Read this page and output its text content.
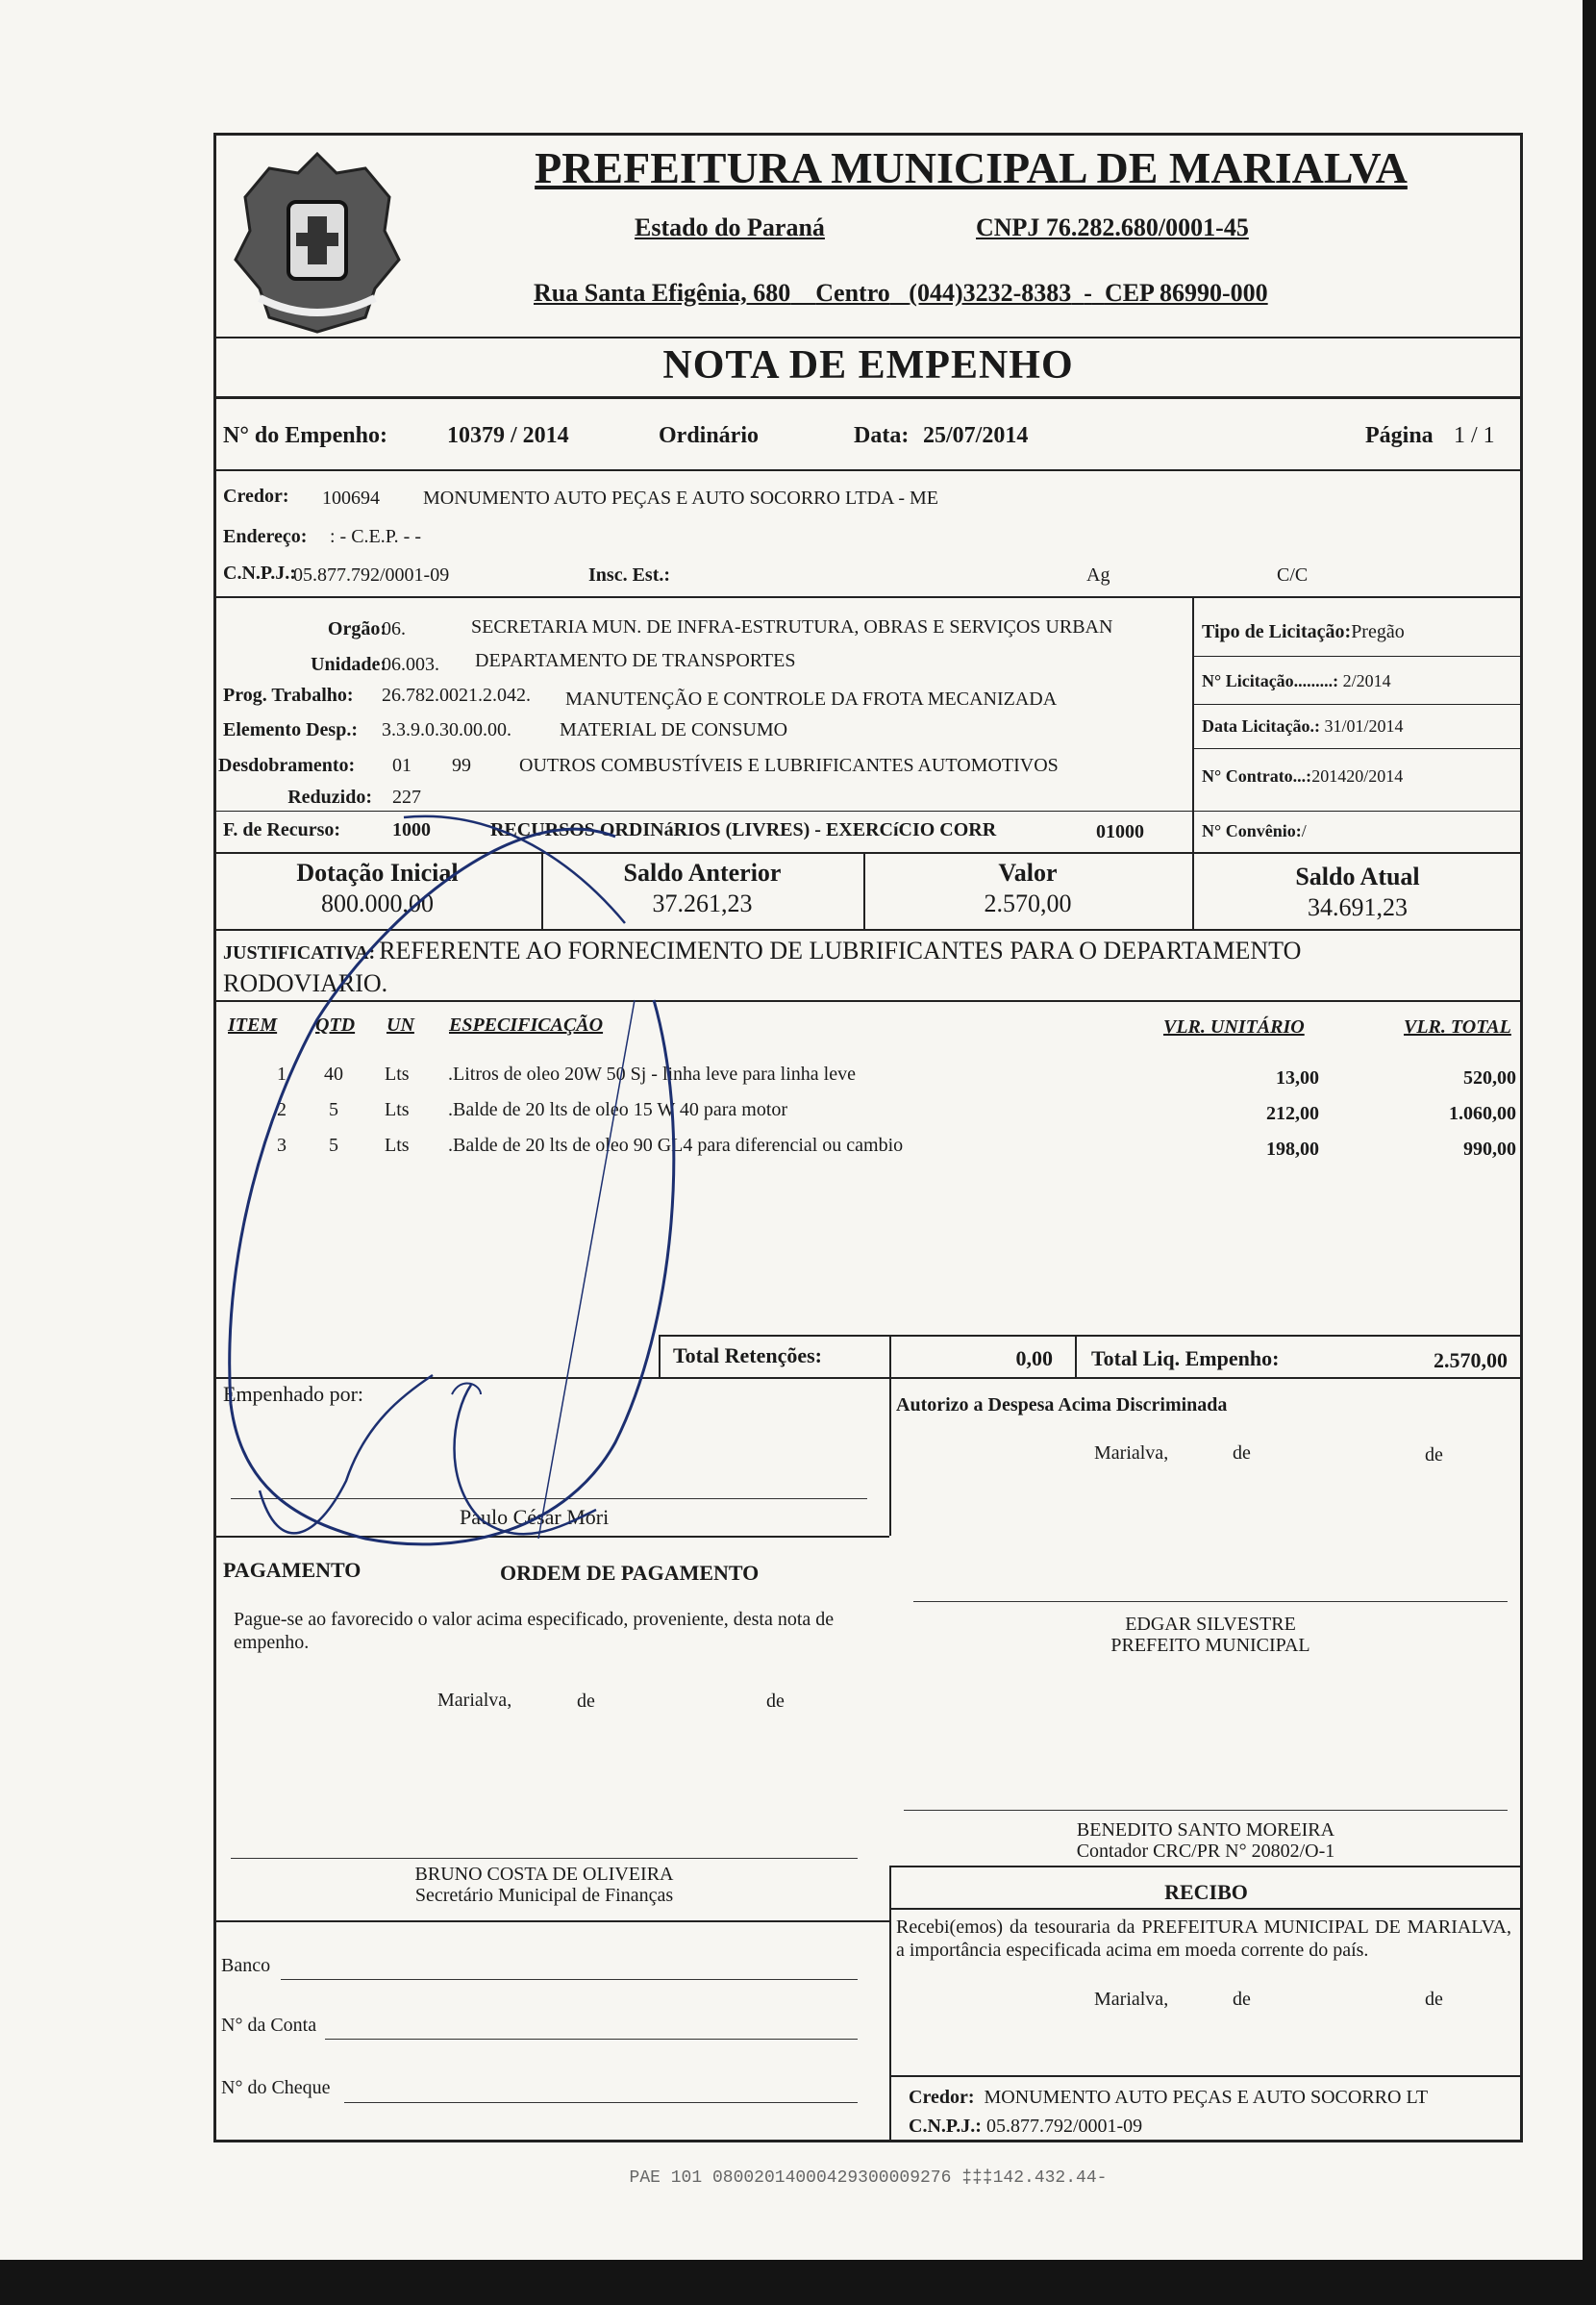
PREFEITURA MUNICIPAL DE MARIALVA
Estado do Paraná	CNPJ 76.282.680/0001-45
Rua Santa Efigênia, 680 Centro (044)3232-8383 - CEP 86990-000
NOTA DE EMPENHO
N° do Empenho:	10379 / 2014	Ordinário	Data: 25/07/2014	Página 1 / 1
Credor: 100694 MONUMENTO AUTO PEÇAS E AUTO SOCORRO LTDA - ME
Endereço: : - C.E.P. - -
C.N.P.J.:
05.877.792/0001-09	Insc. Est.:	Ag	C/C
Orgão:
06.	SECRETARIA MUN. DE INFRA-ESTRUTURA, OBRAS E SERVIÇOS URBAN
Unidade:
06.003. DEPARTAMENTO DE TRANSPORTES
Prog. Trabalho: 26.782.0021.2.042. MANUTENÇÃO E CONTROLE DA FROTA MECANIZADA
Elemento Desp.: 3.3.9.0.30.00.00.	MATERIAL DE CONSUMO
Desdobramento: 01 99	OUTROS COMBUSTÍVEIS E LUBRIFICANTES AUTOMOTIVOS
Reduzido: 227
F. de Recurso:	1000	RECURSOS ORDINáRIOS (LIVRES) - EXERCíCIO CORR	01000
Tipo de Licitação:Pregão
N° Licitação.........: 2/2014
Data Licitação.: 31/01/2014
N° Contrato...:201420/2014
N° Convênio:/
Dotação Inicial
800.000,00
Saldo Anterior
37.261,23
Valor
2.570,00
Saldo Atual
34.691,23
JUSTIFICATIVA: REFERENTE AO FORNECIMENTO DE LUBRIFICANTES PARA O DEPARTAMENTO
RODOVIARIO.
ITEM QTD UN ESPECIFICAÇÃO	VLR. UNITÁRIO	VLR. TOTAL
1 40 Lts .Litros de oleo 20W 50 Sj - linha leve para linha leve	13,00	520,00
2 5 Lts .Balde de 20 lts de oleo 15 W 40 para motor	212,00	1.060,00
3 5 Lts .Balde de 20 lts de oleo 90 GL4 para diferencial ou cambio	198,00	990,00
Total Retenções:	0,00 Total Liq. Empenho:	2.570,00
Empenhado por:
Paulo César Mori
Autorizo a Despesa Acima Discriminada
Marialva,	de	de
PAGAMENTO	ORDEM DE PAGAMENTO
Pague-se ao favorecido o valor acima especificado, proveniente, desta nota de empenho.
Marialva,	de	de
EDGAR SILVESTRE
PREFEITO MUNICIPAL
BENEDITO SANTO MOREIRA
Contador CRC/PR N° 20802/O-1
BRUNO COSTA DE OLIVEIRA
Secretário Municipal de Finanças	RECIBO
Recebi(emos) da tesouraria da PREFEITURA MUNICIPAL DE MARIALVA, a importância especificada acima em moeda corrente do país.
Marialva,	de	de
Banco
N° da Conta
N° do Cheque	Credor: MONUMENTO AUTO PEÇAS E AUTO SOCORRO LT
C.N.P.J.: 05.877.792/0001-09
PAE 101 08002014000429300009276 ‡‡‡142.432.44-
